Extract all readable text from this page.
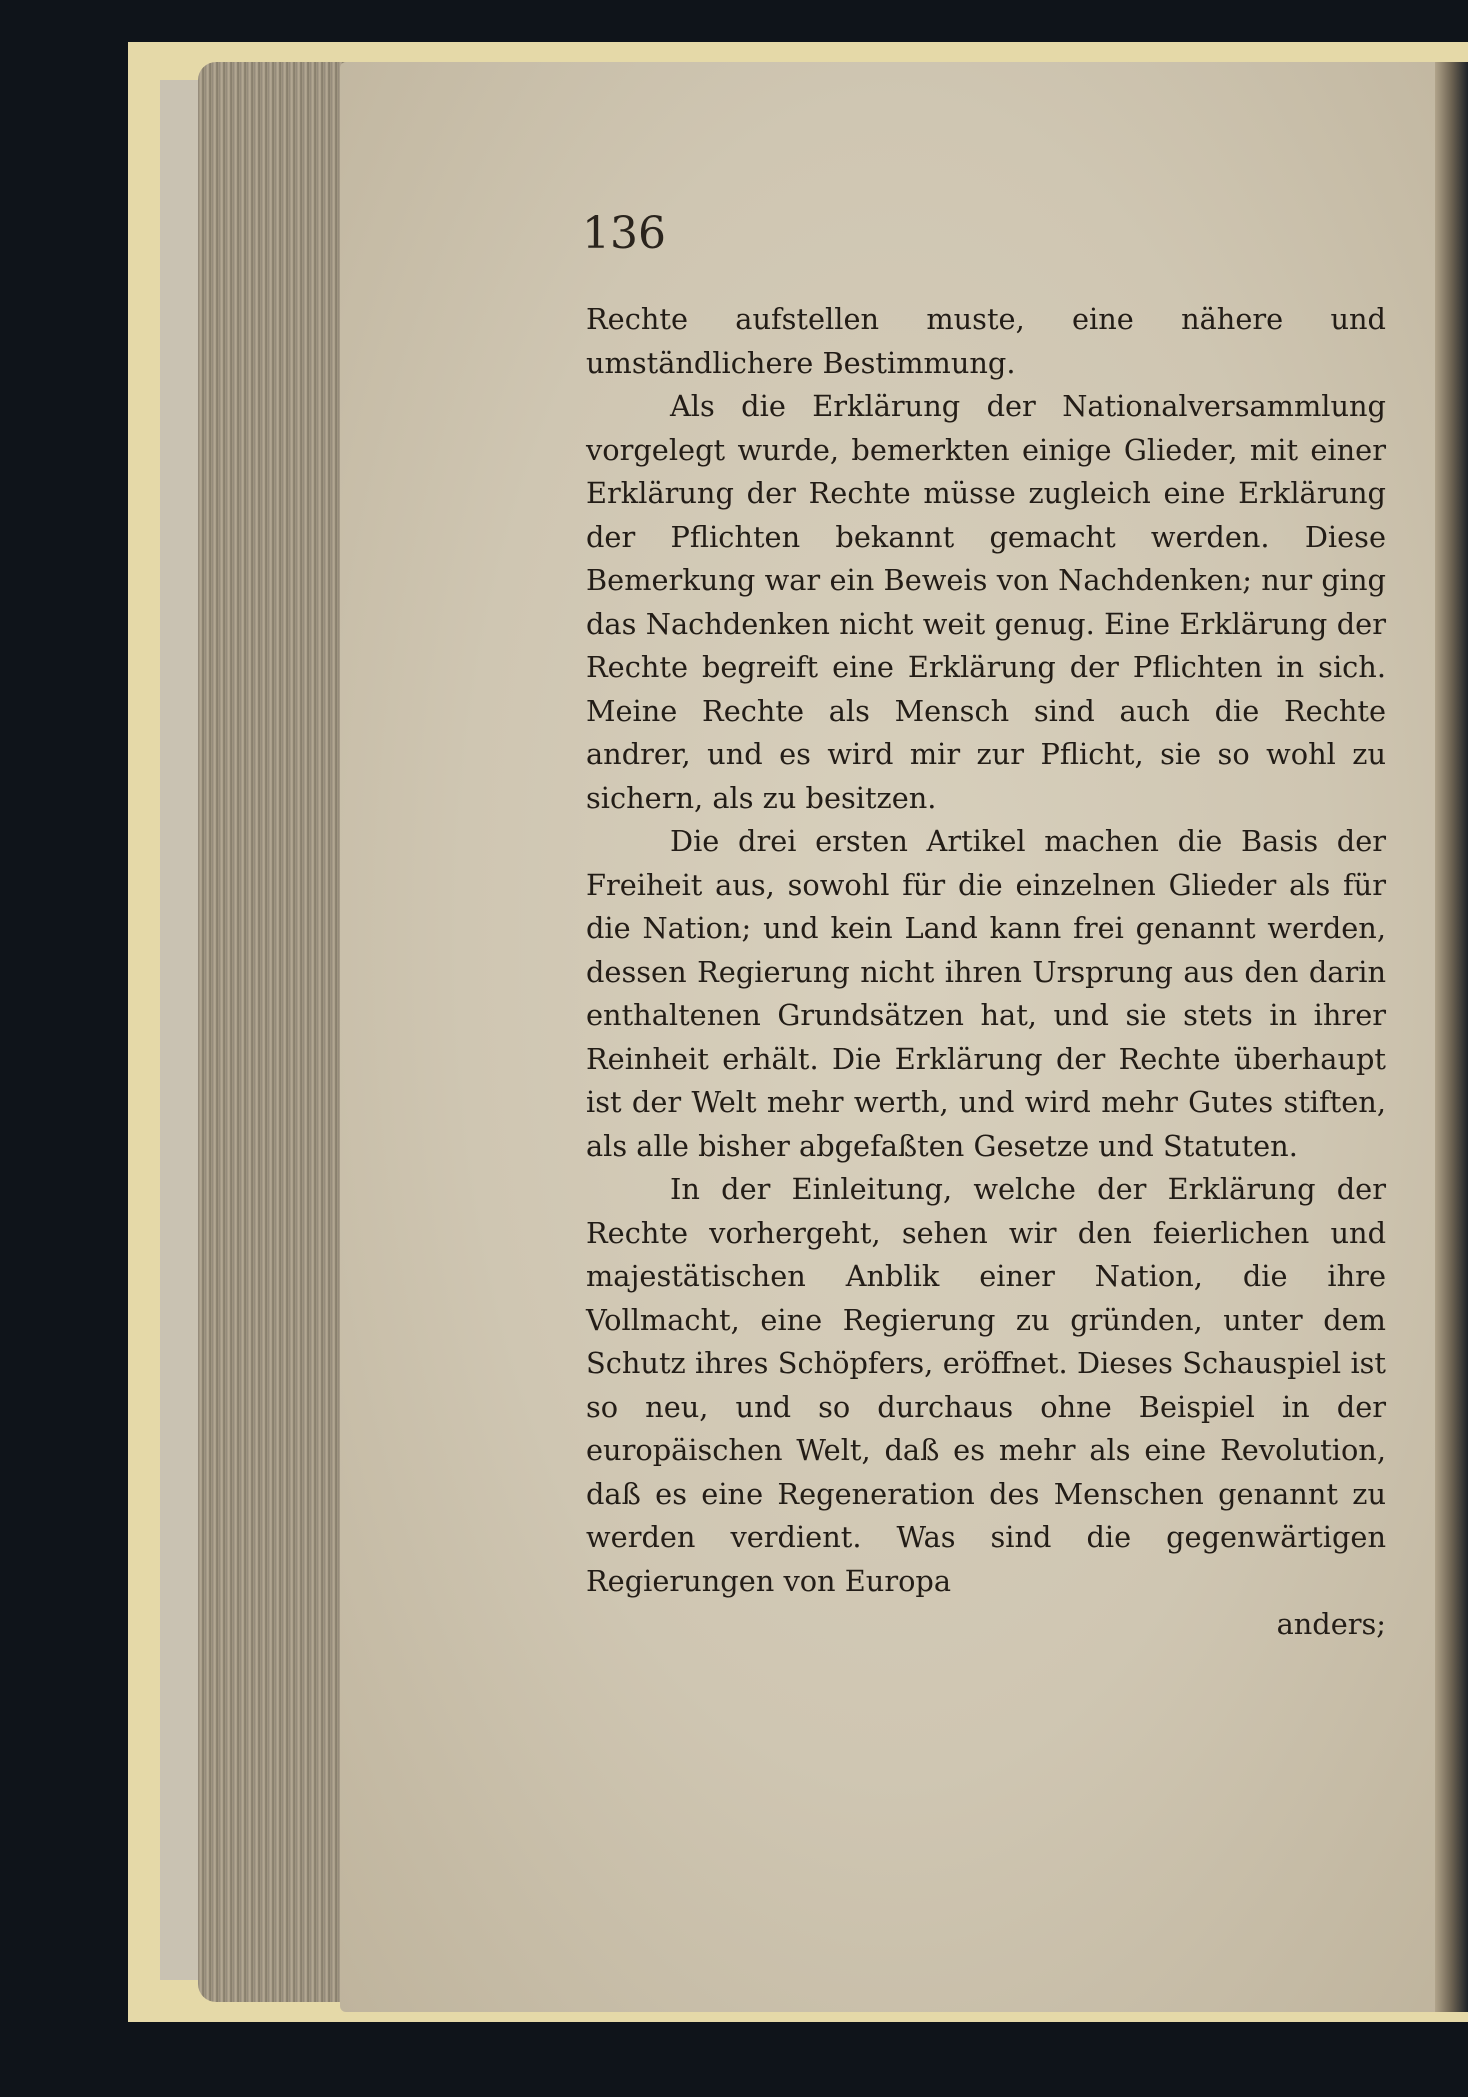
136

Rechte aufstellen muste, eine nähere und umständlichere Bestimmung.

Als die Erklärung der Nationalversammlung vorgelegt wurde, bemerkten einige Glieder, mit einer Erklärung der Rechte müsse zugleich eine Erklärung der Pflichten bekannt gemacht werden. Diese Bemerkung war ein Beweis von Nachdenken; nur ging das Nachdenken nicht weit genug. Eine Erklärung der Rechte begreift eine Erklärung der Pflichten in sich. Meine Rechte als Mensch sind auch die Rechte andrer, und es wird mir zur Pflicht, sie so wohl zu sichern, als zu besitzen.

Die drei ersten Artikel machen die Basis der Freiheit aus, sowohl für die einzelnen Glieder als für die Nation; und kein Land kann frei genannt werden, dessen Regierung nicht ihren Ursprung aus den darin enthaltenen Grundsätzen hat, und sie stets in ihrer Reinheit erhält. Die Erklärung der Rechte überhaupt ist der Welt mehr werth, und wird mehr Gutes stiften, als alle bisher abgefaßten Gesetze und Statuten.

In der Einleitung, welche der Erklärung der Rechte vorhergeht, sehen wir den feierlichen und majestätischen Anblik einer Nation, die ihre Vollmacht, eine Regierung zu gründen, unter dem Schutz ihres Schöpfers, eröffnet. Dieses Schauspiel ist so neu, und so durchaus ohne Beispiel in der europäischen Welt, daß es mehr als eine Revolution, daß es eine Regeneration des Menschen genannt zu werden verdient. Was sind die gegenwärtigen Regierungen von Europa

anders;
